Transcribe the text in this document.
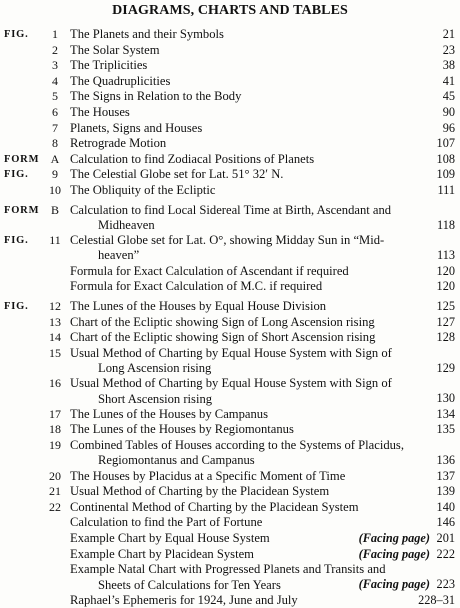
DIAGRAMS, CHARTS AND TABLES
FIG.	1 The Planets and their Symbols	21
2 The Solar System	23
3 The Triplicities	38
4 The Quadruplicities	41
5 The Signs in Relation to the Body	45
6 The Houses	90
7 Planets, Signs and Houses	96
8 Retrograde Motion	107
FORM A Calculation to find Zodiacal Positions of Planets	108
FIG.	9 The Celestial Globe set for Lat. 51° 32′ N.	109
10 The Obliquity of the Ecliptic	111
FORM B Calculation to find Local Sidereal Time at Birth, Ascendant and
Midheaven	118
FIG.	11 Celestial Globe set for Lat. O°, showing Midday Sun in “Mid-
heaven”	113
Formula for Exact Calculation of Ascendant if required	120
Formula for Exact Calculation of M.C. if required	120
FIG.	12 The Lunes of the Houses by Equal House Division	125
13 Chart of the Ecliptic showing Sign of Long Ascension rising	127
14 Chart of the Ecliptic showing Sign of Short Ascension rising	128
15 Usual Method of Charting by Equal House System with Sign of
Long Ascension rising	129
16 Usual Method of Charting by Equal House System with Sign of
Short Ascension rising	130
17 The Lunes of the Houses by Campanus	134
18 The Lunes of the Houses by Regiomontanus	135
19 Combined Tables of Houses according to the Systems of Placidus,
Regiomontanus and Campanus	136
20 The Houses by Placidus at a Specific Moment of Time	137
21 Usual Method of Charting by the Placidean System	139
22 Continental Method of Charting by the Placidean System	140
Calculation to find the Part of Fortune	146
Example Chart by Equal House System	(Facing page) 201
Example Chart by Placidean System	(Facing page) 222
Example Natal Chart with Progressed Planets and Transits and
Sheets of Calculations for Ten Years	(Facing page) 223
Raphael’s Ephemeris for 1924, June and July	228–31
